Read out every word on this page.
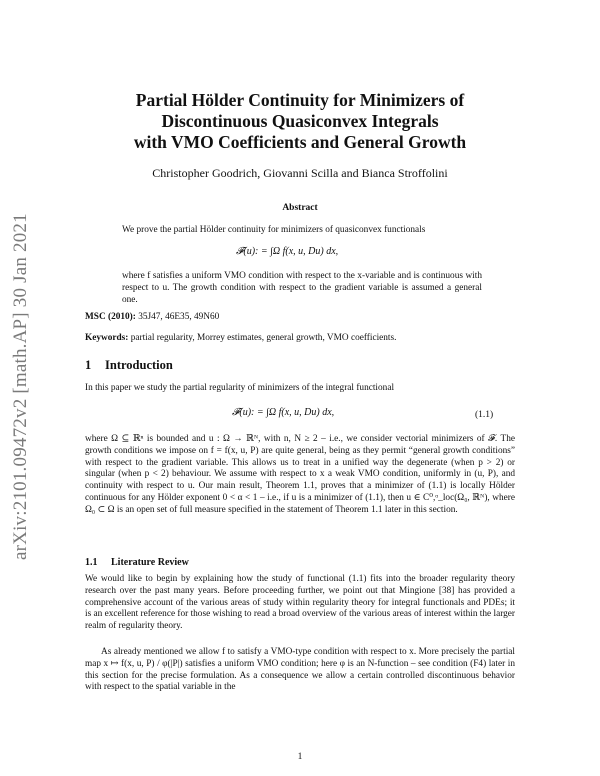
arXiv:2101.09472v2 [math.AP] 30 Jan 2021
Partial Hölder Continuity for Minimizers of
Discontinuous Quasiconvex Integrals
with VMO Coefficients and General Growth
Christopher Goodrich, Giovanni Scilla and Bianca Stroffolini
Abstract
We prove the partial Hölder continuity for minimizers of quasiconvex functionals
𝓕(u): = ∫Ω f(x, u, Du) dx,
where f satisfies a uniform VMO condition with respect to the x-variable and is continuous with respect to u. The growth condition with respect to the gradient variable is assumed a general one.
MSC (2010): 35J47, 46E35, 49N60
Keywords: partial regularity, Morrey estimates, general growth, VMO coefficients.
1 Introduction
In this paper we study the partial regularity of minimizers of the integral functional
𝓕(u): = ∫Ω f(x, u, Du) dx,	(1.1)
where Ω ⊆ ℝⁿ is bounded and u : Ω → ℝᴺ, with n, N ≥ 2 – i.e., we consider vectorial minimizers of 𝓕. The growth conditions we impose on f = f(x, u, P) are quite general, being as they permit “general growth conditions” with respect to the gradient variable. This allows us to treat in a unified way the degenerate (when p > 2) or singular (when p < 2) behaviour. We assume with respect to x a weak VMO condition, uniformly in (u, P), and continuity with respect to u. Our main result, Theorem 1.1, proves that a minimizer of (1.1) is locally Hölder continuous for any Hölder exponent 0 < α < 1 – i.e., if u is a minimizer of (1.1), then u ∈ C⁰,ᵅ_loc(Ω₀, ℝᴺ), where Ω₀ ⊂ Ω is an open set of full measure specified in the statement of Theorem 1.1 later in this section.
1.1 Literature Review
We would like to begin by explaining how the study of functional (1.1) fits into the broader regularity theory research over the past many years. Before proceeding further, we point out that Mingione [38] has provided a comprehensive account of the various areas of study within regularity theory for integral functionals and PDEs; it is an excellent reference for those wishing to read a broad overview of the various areas of interest within the larger realm of regularity theory.
As already mentioned we allow f to satisfy a VMO-type condition with respect to x. More precisely the partial map x ↦ f(x, u, P) / φ(|P|) satisfies a uniform VMO condition; here φ is an N-function – see condition (F4) later in this section for the precise formulation. As a consequence we allow a certain controlled discontinuous behavior with respect to the spatial variable in the
1
